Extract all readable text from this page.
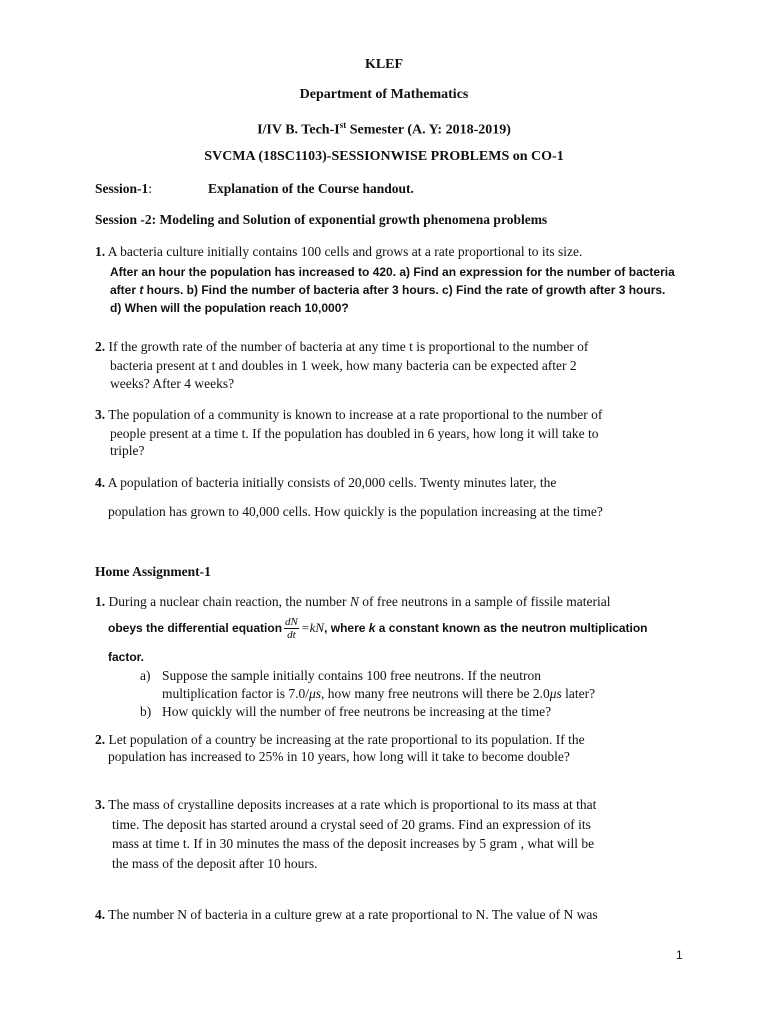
KLEF
Department of Mathematics
I/IV B. Tech-Ist Semester (A. Y: 2018-2019)
SVCMA (18SC1103)-SESSIONWISE PROBLEMS on CO-1
Session-1:	Explanation of the Course handout.
Session -2: Modeling and Solution of exponential growth phenomena problems
1. A bacteria culture initially contains 100 cells and grows at a rate proportional to its size.
After an hour the population has increased to 420. a) Find an expression for the number of bacteria
after t hours. b) Find the number of bacteria after 3 hours. c) Find the rate of growth after 3 hours.
d) When will the population reach 10,000?
2. If the growth rate of the number of bacteria at any time t is proportional to the number of
bacteria present at t and doubles in 1 week, how many bacteria can be expected after 2
weeks? After 4 weeks?
3. The population of a community is known to increase at a rate proportional to the number of
people present at a time t. If the population has doubled in 6 years, how long it will take to
triple?
4. A population of bacteria initially consists of 20,000 cells. Twenty minutes later, the
population has grown to 40,000 cells. How quickly is the population increasing at the time?
Home Assignment-1
1. During a nuclear chain reaction, the number N of free neutrons in a sample of fissile material
obeys the differential equation $\frac{dN}{dt} =kN$, where k a constant known as the neutron multiplication
factor.
a) Suppose the sample initially contains 100 free neutrons. If the neutron
multiplication factor is 7.0/μs, how many free neutrons will there be 2.0μs later?
b) How quickly will the number of free neutrons be increasing at the time?
2. Let population of a country be increasing at the rate proportional to its population. If the
population has increased to 25% in 10 years, how long will it take to become double?
3. The mass of crystalline deposits increases at a rate which is proportional to its mass at that
time. The deposit has started around a crystal seed of 20 grams. Find an expression of its
mass at time t. If in 30 minutes the mass of the deposit increases by 5 gram , what will be
the mass of the deposit after 10 hours.
4. The number N of bacteria in a culture grew at a rate proportional to N. The value of N was
1
